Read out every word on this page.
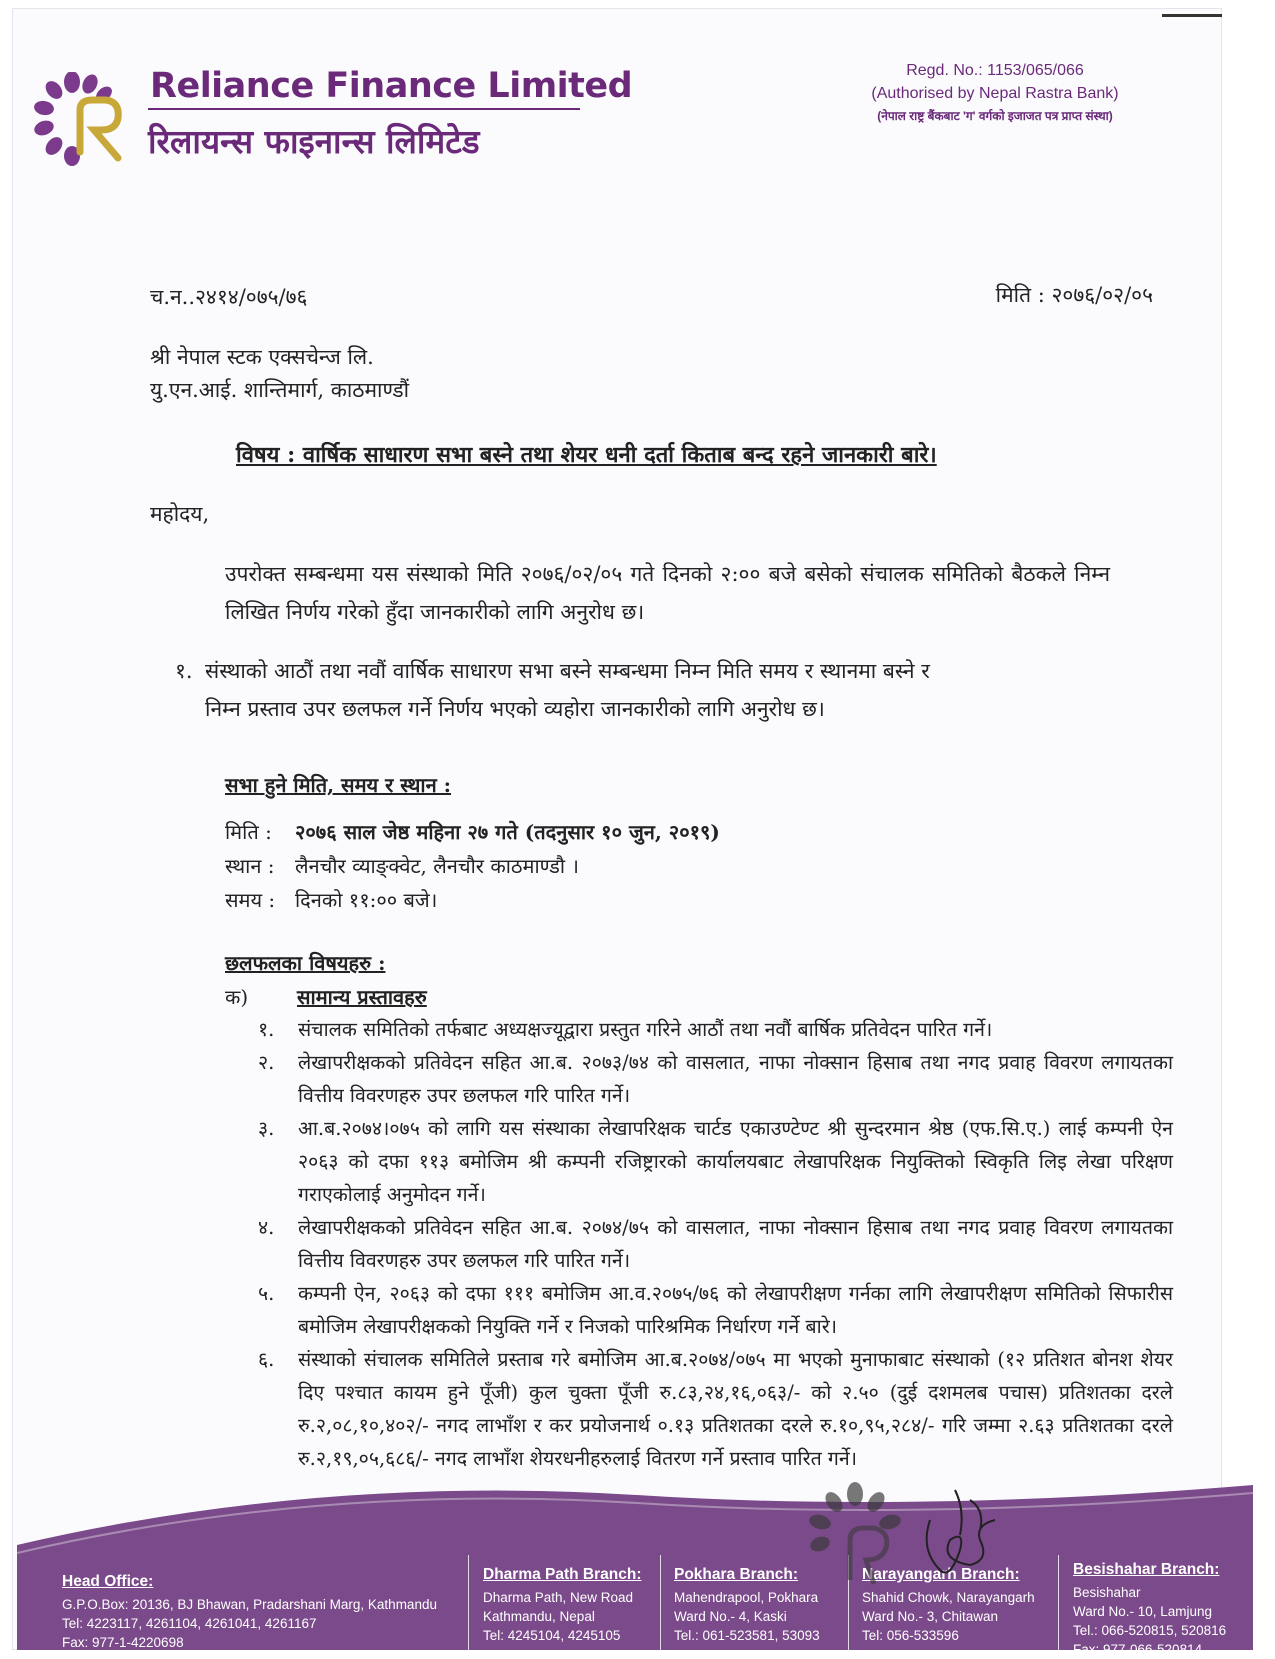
Reliance Finance Limited
रिलायन्स फाइनान्स लिमिटेड
Regd. No.: 1153/065/066
(Authorised by Nepal Rastra Bank)
(नेपाल राष्ट्र बैंकबाट 'ग' वर्गको इजाजत पत्र प्राप्त संस्था)
च.न..२४१४/०७५/७६	मिति : २०७६/०२/०५
श्री नेपाल स्टक एक्सचेन्ज लि.
यु.एन.आई. शान्तिमार्ग, काठमाण्डौं
विषय : वार्षिक साधारण सभा बस्ने तथा शेयर धनी दर्ता किताब बन्द रहने जानकारी बारे।
महोदय,
उपरोक्त सम्बन्धमा यस संस्थाको मिति २०७६/०२/०५ गते दिनको २:०० बजे बसेको संचालक समितिको बैठकले निम्न लिखित निर्णय गरेको हुँदा जानकारीको लागि अनुरोध छ।
१. संस्थाको आठौं तथा नवौं वार्षिक साधारण सभा बस्ने सम्बन्धमा निम्न मिति समय र स्थानमा बस्ने र
निम्न प्रस्ताव उपर छलफल गर्ने निर्णय भएको व्यहोरा जानकारीको लागि अनुरोध छ।
सभा हुने मिति, समय र स्थान :
मिति : २०७६ साल जेष्ठ महिना २७ गते (तदनुसार १० जुन, २०१९)
स्थान : लैनचौर व्याङ्क्वेट, लैनचौर काठमाण्डौ ।
समय : दिनको ११:०० बजे।
छलफलका विषयहरु :
क) सामान्य प्रस्तावहरु
१.	संचालक समितिको तर्फबाट अध्यक्षज्यूद्वारा प्रस्तुत गरिने आठौं तथा नवौं बार्षिक प्रतिवेदन पारित गर्ने।
२.	लेखापरीक्षकको प्रतिवेदन सहित आ.ब. २०७३/७४ को वासलात, नाफा नोक्सान हिसाब तथा नगद प्रवाह विवरण लगायतका वित्तीय विवरणहरु उपर छलफल गरि पारित गर्ने।
३.	आ.ब.२०७४।०७५ को लागि यस संस्थाका लेखापरिक्षक चार्टड एकाउण्टेण्ट श्री सुन्दरमान श्रेष्ठ (एफ.सि.ए.) लाई कम्पनी ऐन २०६३ को दफा ११३ बमोजिम श्री कम्पनी रजिष्ट्रारको कार्यालयबाट लेखापरिक्षक नियुक्तिको स्विकृति लिइ लेखा परिक्षण गराएकोलाई अनुमोदन गर्ने।
४.	लेखापरीक्षकको प्रतिवेदन सहित आ.ब. २०७४/७५ को वासलात, नाफा नोक्सान हिसाब तथा नगद प्रवाह विवरण लगायतका वित्तीय विवरणहरु उपर छलफल गरि पारित गर्ने।
५.	कम्पनी ऐन, २०६३ को दफा १११ बमोजिम आ.व.२०७५/७६ को लेखापरीक्षण गर्नका लागि लेखापरीक्षण समितिको सिफारीस बमोजिम लेखापरीक्षकको नियुक्ति गर्ने र निजको पारिश्रमिक निर्धारण गर्ने बारे।
६.	संस्थाको संचालक समितिले प्रस्ताब गरे बमोजिम आ.ब.२०७४/०७५ मा भएको मुनाफाबाट संस्थाको (१२ प्रतिशत बोनश शेयर दिए पश्चात कायम हुने पूँजी) कुल चुक्ता पूँजी रु.८३,२४,१६,०६३/- को २.५० (दुई दशमलब पचास) प्रतिशतका दरले रु.२,०८,१०,४०२/- नगद लाभाँश र कर प्रयोजनार्थ ०.१३ प्रतिशतका दरले रु.१०,९५,२८४/- गरि जम्मा २.६३ प्रतिशतका दरले रु.२,१९,०५,६८६/- नगद लाभाँश शेयरधनीहरुलाई वितरण गर्ने प्रस्ताव पारित गर्ने।
Head Office:
G.P.O.Box: 20136, BJ Bhawan, Pradarshani Marg, Kathmandu
Tel: 4223117, 4261104, 4261041, 4261167
Fax: 977-1-4220698
Dharma Path Branch:
Dharma Path, New Road
Kathmandu, Nepal
Tel: 4245104, 4245105
Pokhara Branch:
Mahendrapool, Pokhara
Ward No.- 4, Kaski
Tel.: 061-523581, 53093
Narayangarh Branch:
Shahid Chowk, Narayangarh
Ward No.- 3, Chitawan
Tel: 056-533596
Besishahar Branch:
Besishahar
Ward No.- 10, Lamjung
Tel.: 066-520815, 520816
Fax: 977-066-520814
